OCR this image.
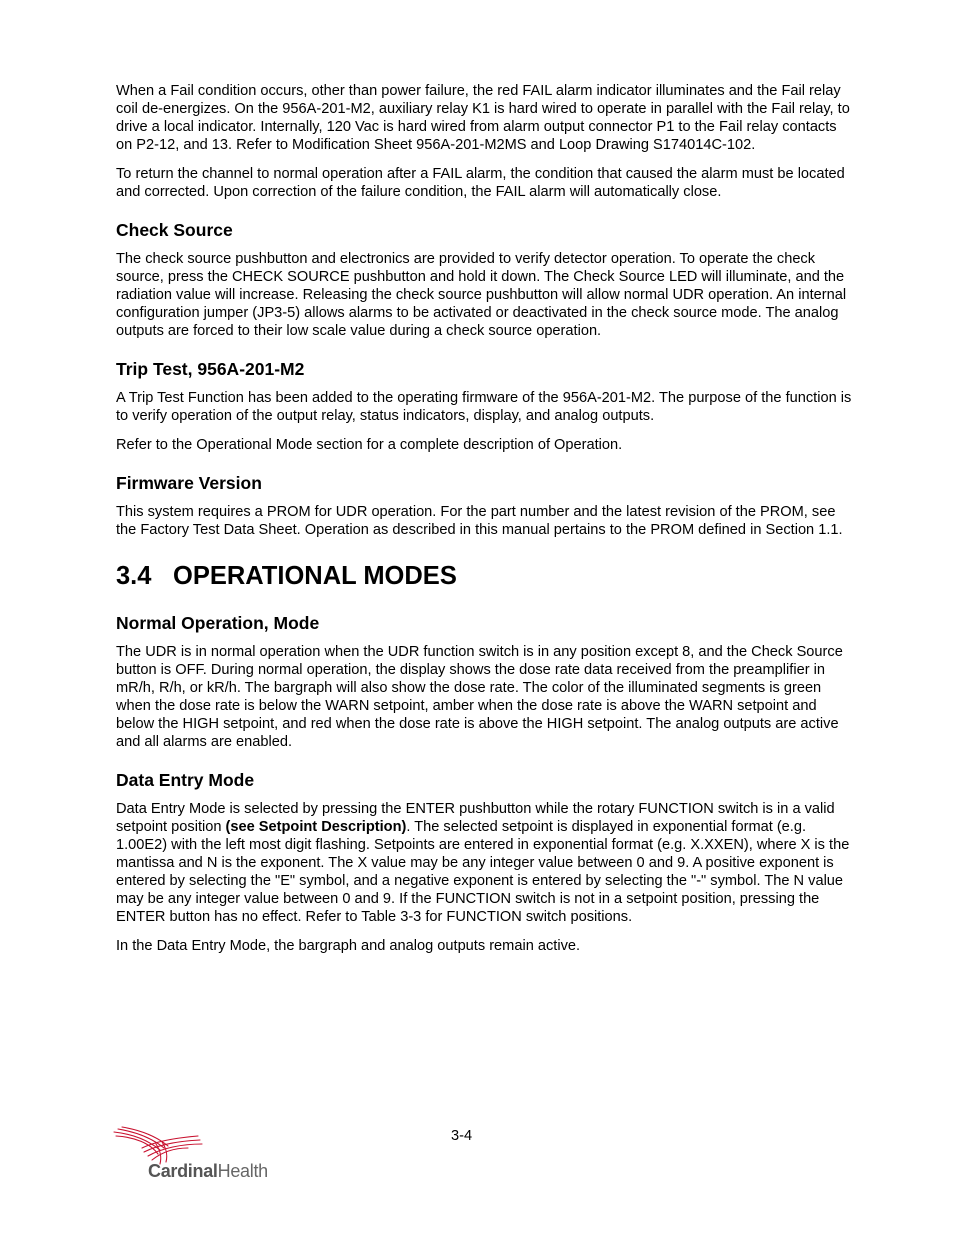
When a Fail condition occurs, other than power failure, the red FAIL alarm indicator illuminates and the Fail relay coil de-energizes. On the 956A-201-M2, auxiliary relay K1 is hard wired to operate in parallel with the Fail relay, to drive a local indicator. Internally, 120 Vac is hard wired from alarm output connector P1 to the Fail relay contacts on P2-12, and 13. Refer to Modification Sheet 956A-201-M2MS and Loop Drawing S174014C-102.

To return the channel to normal operation after a FAIL alarm, the condition that caused the alarm must be located and corrected. Upon correction of the failure condition, the FAIL alarm will automatically close.

Check Source

The check source pushbutton and electronics are provided to verify detector operation. To operate the check source, press the CHECK SOURCE pushbutton and hold it down. The Check Source LED will illuminate, and the radiation value will increase. Releasing the check source pushbutton will allow normal UDR operation. An internal configuration jumper (JP3-5) allows alarms to be activated or deactivated in the check source mode. The analog outputs are forced to their low scale value during a check source operation.

Trip Test, 956A-201-M2

A Trip Test Function has been added to the operating firmware of the 956A-201-M2. The purpose of the function is to verify operation of the output relay, status indicators, display, and analog outputs.

Refer to the Operational Mode section for a complete description of Operation.

Firmware Version

This system requires a PROM for UDR operation. For the part number and the latest revision of the PROM, see the Factory Test Data Sheet. Operation as described in this manual pertains to the PROM defined in Section 1.1.

3.4 OPERATIONAL MODES
Normal Operation, Mode

The UDR is in normal operation when the UDR function switch is in any position except 8, and the Check Source button is OFF. During normal operation, the display shows the dose rate data received from the preamplifier in mR/h, R/h, or kR/h. The bargraph will also show the dose rate. The color of the illuminated segments is green when the dose rate is below the WARN setpoint, amber when the dose rate is above the WARN setpoint and below the HIGH setpoint, and red when the dose rate is above the HIGH setpoint. The analog outputs are active and all alarms are enabled.

Data Entry Mode

Data Entry Mode is selected by pressing the ENTER pushbutton while the rotary FUNCTION switch is in a valid setpoint position (see Setpoint Description). The selected setpoint is displayed in exponential format (e.g. 1.00E2) with the left most digit flashing. Setpoints are entered in exponential format (e.g. X.XXEN), where X is the mantissa and N is the exponent. The X value may be any integer value between 0 and 9. A positive exponent is entered by selecting the "E" symbol, and a negative exponent is entered by selecting the "-" symbol. The N value may be any integer value between 0 and 9. If the FUNCTION switch is not in a setpoint position, pressing the ENTER button has no effect. Refer to Table 3-3 for FUNCTION switch positions.

In the Data Entry Mode, the bargraph and analog outputs remain active.

3-4
CardinalHealth
